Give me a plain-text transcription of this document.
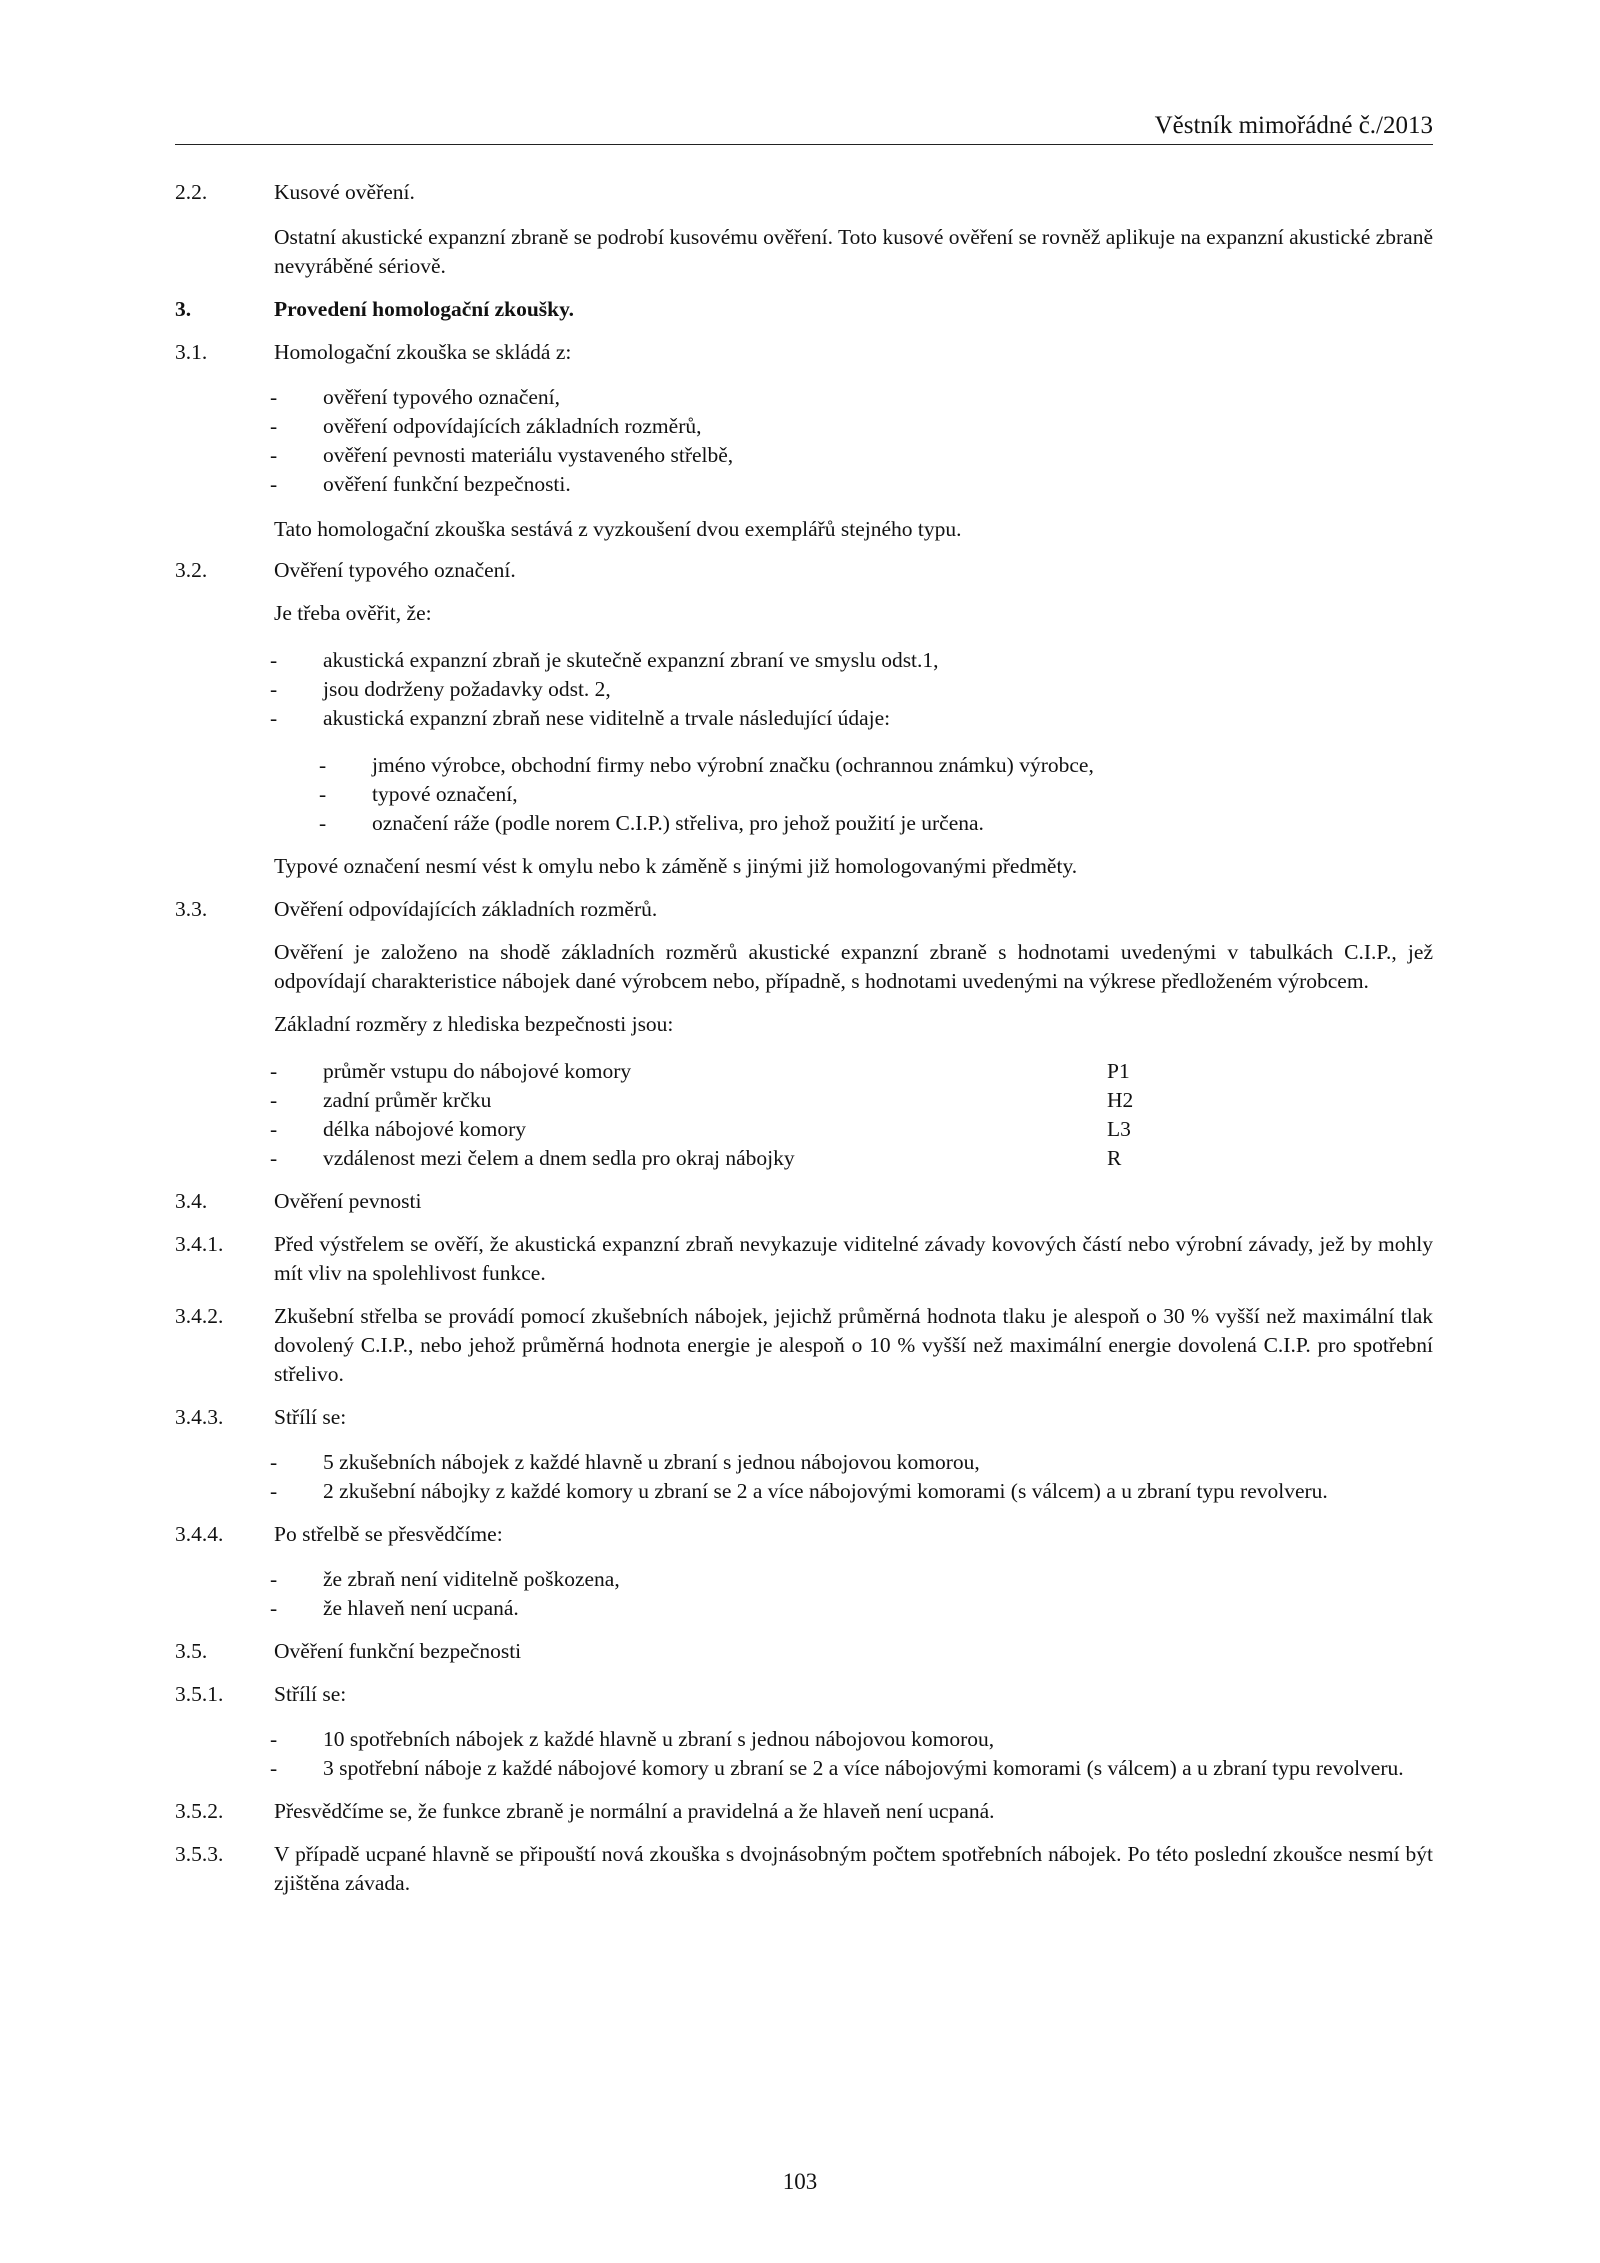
Věstník mimořádné č./2013
2.2.	Kusové ověření.
Ostatní akustické expanzní zbraně se podrobí kusovému ověření. Toto kusové ověření se rovněž aplikuje na expanzní akustické zbraně nevyráběné sériově.
3.	Provedení homologační zkoušky.
3.1.	Homologační zkouška se skládá z:
- ověření typového označení,
- ověření odpovídajících základních rozměrů,
- ověření pevnosti materiálu vystaveného střelbě,
- ověření funkční bezpečnosti.
Tato homologační zkouška sestává z vyzkoušení dvou exemplářů stejného typu.
3.2.	Ověření typového označení.
Je třeba ověřit, že:
- akustická expanzní zbraň je skutečně expanzní zbraní ve smyslu odst.1,
- jsou dodrženy požadavky odst. 2,
- akustická expanzní zbraň nese viditelně a trvale následující údaje:
- jméno výrobce, obchodní firmy nebo výrobní značku (ochrannou známku) výrobce,
- typové označení,
- označení ráže (podle norem C.I.P.) střeliva, pro jehož použití je určena.
Typové označení nesmí vést k omylu nebo k záměně s jinými již homologovanými předměty.
3.3.	Ověření odpovídajících základních rozměrů.
Ověření je založeno na shodě základních rozměrů akustické expanzní zbraně s hodnotami uvedenými v tabulkách C.I.P., jež odpovídají charakteristice nábojek dané výrobcem nebo, případně, s hodnotami uvedenými na výkrese předloženém výrobcem.
Základní rozměry z hlediska bezpečnosti jsou:
- průměr vstupu do nábojové komory	P1
- zadní průměr krčku	H2
- délka nábojové komory	L3
- vzdálenost mezi čelem a dnem sedla pro okraj nábojky	R
3.4.	Ověření pevnosti
3.4.1. Před výstřelem se ověří, že akustická expanzní zbraň nevykazuje viditelné závady kovových částí nebo výrobní závady, jež by mohly mít vliv na spolehlivost funkce.
3.4.2. Zkušební střelba se provádí pomocí zkušebních nábojek, jejichž průměrná hodnota tlaku je alespoň o 30 % vyšší než maximální tlak dovolený C.I.P., nebo jehož průměrná hodnota energie je alespoň o 10 % vyšší než maximální energie dovolená C.I.P. pro spotřební střelivo.
3.4.3. Střílí se:
- 5 zkušebních nábojek z každé hlavně u zbraní s jednou nábojovou komorou,
- 2 zkušební nábojky z každé komory u zbraní se 2 a více nábojovými komorami (s válcem) a u zbraní typu revolveru.
3.4.4. Po střelbě se přesvědčíme:
- že zbraň není viditelně poškozena,
- že hlaveň není ucpaná.
3.5.	Ověření funkční bezpečnosti
3.5.1. Střílí se:
- 10 spotřebních nábojek z každé hlavně u zbraní s jednou nábojovou komorou,
- 3 spotřební náboje z každé nábojové komory u zbraní se 2 a více nábojovými komorami (s válcem) a u zbraní typu revolveru.
3.5.2. Přesvědčíme se, že funkce zbraně je normální a pravidelná a že hlaveň není ucpaná.
3.5.3. V případě ucpané hlavně se připouští nová zkouška s dvojnásobným počtem spotřebních nábojek. Po této poslední zkoušce nesmí být zjištěna závada.
103
